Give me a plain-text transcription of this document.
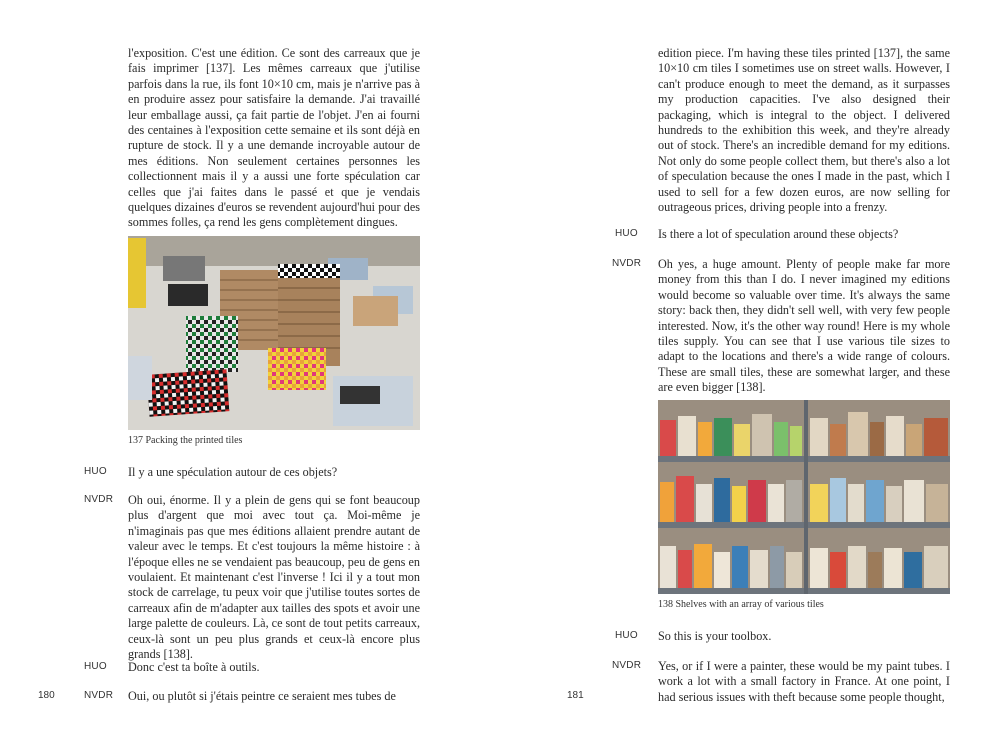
l'exposition. C'est une édition. Ce sont des carreaux que je fais imprimer [137]. Les mêmes carreaux que j'utilise parfois dans la rue, ils font 10×10 cm, mais je n'arrive pas à en produire assez pour satisfaire la demande. J'ai travaillé leur emballage aussi, ça fait partie de l'objet. J'en ai fourni des centaines à l'exposition cette semaine et ils sont déjà en rupture de stock. Il y a une demande incroyable autour de mes éditions. Non seulement certaines personnes les collectionnent mais il y a aussi une forte spéculation car celles que j'ai faites dans le passé et que je vendais quelques dizaines d'euros se revendent aujourd'hui pour des sommes folles, ça rend les gens complètement dingues.

137 Packing the printed tiles
HUO Il y a une spéculation autour de ces objets?

NVDR Oh oui, énorme. Il y a plein de gens qui se font beaucoup plus d'argent que moi avec tout ça. Moi-même je n'imaginais pas que mes éditions allaient prendre autant de valeur avec le temps. Et c'est toujours la même histoire : à l'époque elles ne se vendaient pas beaucoup, peu de gens en voulaient. Et maintenant c'est l'inverse ! Ici il y a tout mon stock de carrelage, tu peux voir que j'utilise toutes sortes de carreaux afin de m'adapter aux tailles des spots et avoir une large palette de couleurs. Là, ce sont de tout petits carreaux, ceux-là sont un peu plus grands et ceux-là encore plus grands [138].

HUO Donc c'est ta boîte à outils.

180	NVDR Oui, ou plutôt si j'étais peintre ce seraient mes tubes de

edition piece. I'm having these tiles printed [137], the same 10×10 cm tiles I sometimes use on street walls. However, I can't produce enough to meet the demand, as it surpasses my production capacities. I've also designed their packaging, which is integral to the object. I delivered hundreds to the exhibition this week, and they're already out of stock. There's an incredible demand for my editions. Not only do some people collect them, but there's also a lot of speculation because the ones I made in the past, which I used to sell for a few dozen euros, are now selling for outrageous prices, driving people into a frenzy.

HUO Is there a lot of speculation around these objects?

NVDR Oh yes, a huge amount. Plenty of people make far more money from this than I do. I never imagined my editions would become so valuable over time. It's always the same story: back then, they didn't sell well, with very few people interested. Now, it's the other way round! Here is my whole tiles supply. You can see that I use various tile sizes to adapt to the locations and there's a wide range of colours. These are small tiles, these are somewhat larger, and these are even bigger [138].

138 Shelves with an array of various tiles
HUO So this is your toolbox.

NVDR Yes, or if I were a painter, these would be my paint tubes. I work a lot with a small factory in France. At one point, I had serious issues with theft because some people thought,

181
